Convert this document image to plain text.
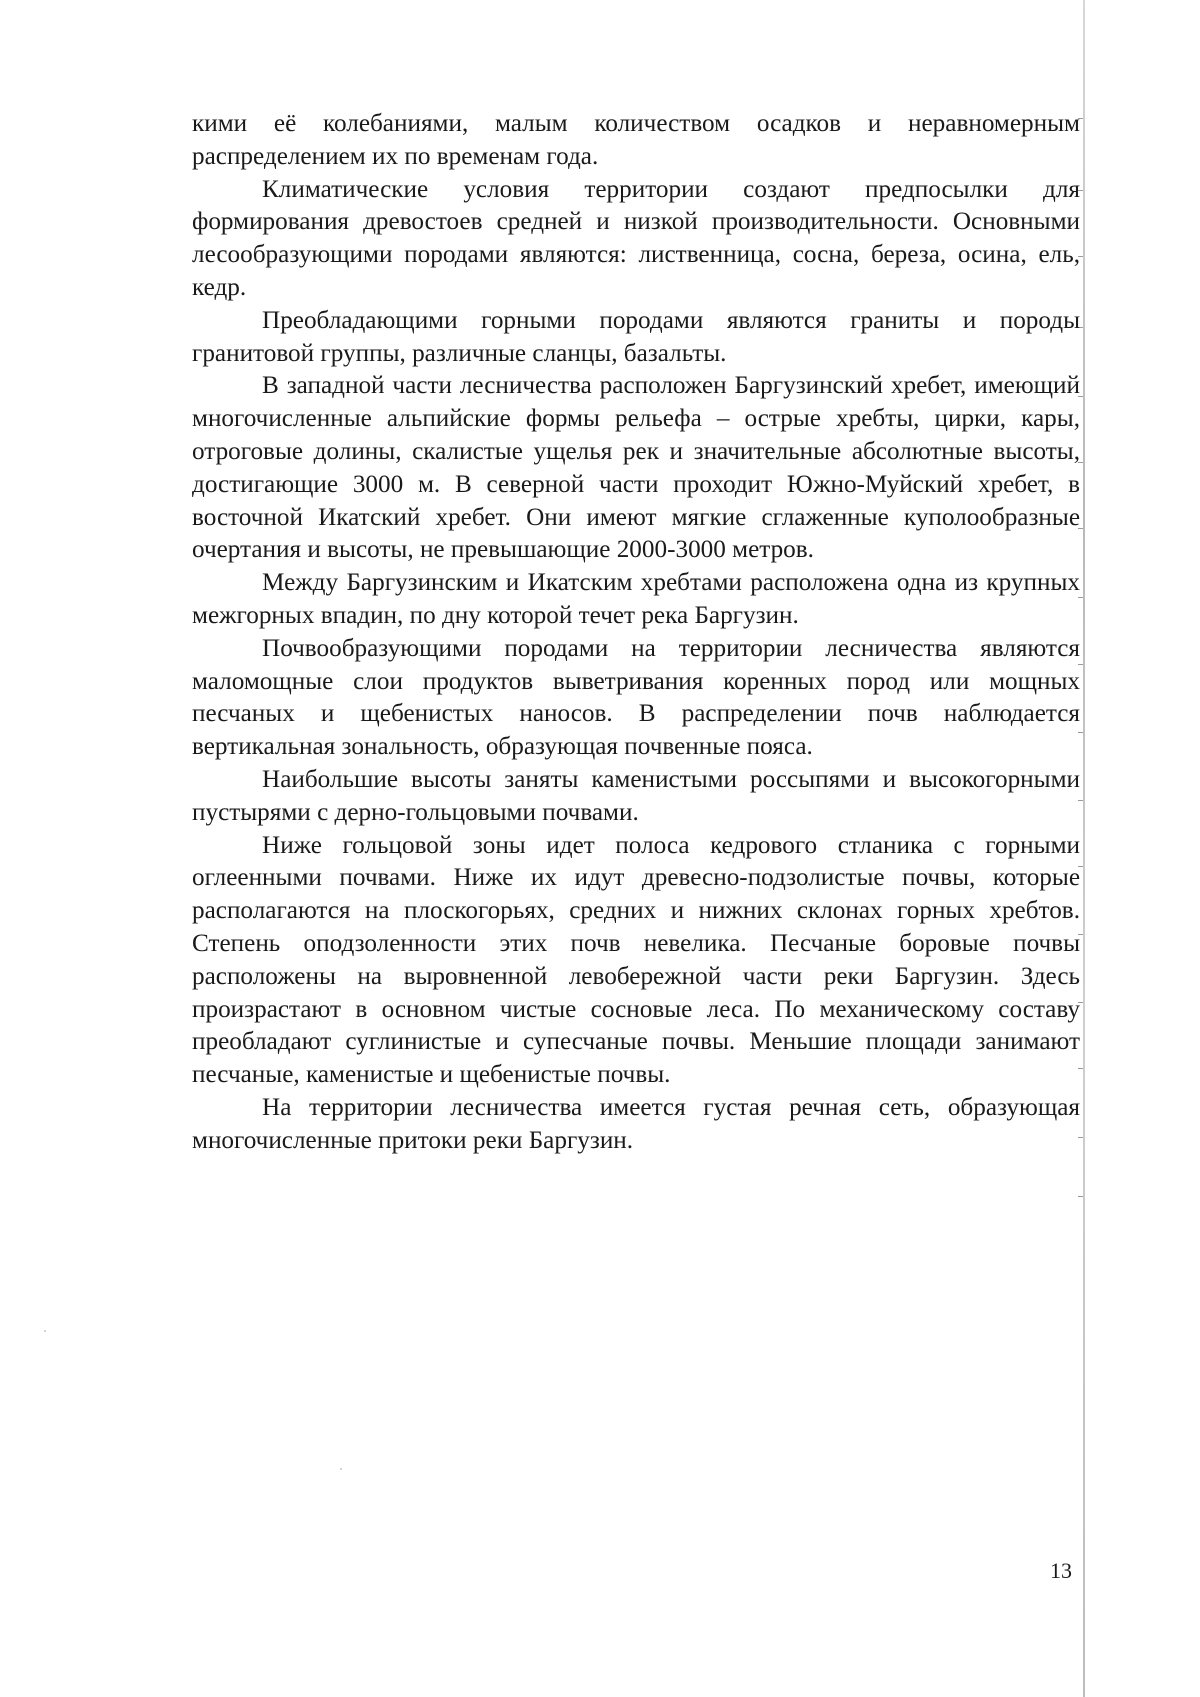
кими её колебаниями, малым количеством осадков и неравномерным распределением их по временам года.

Климатические условия территории создают предпосылки для формирования древостоев средней и низкой производительности. Основными лесообразующими породами являются: лиственница, сосна, береза, осина, ель, кедр.

Преобладающими горными породами являются граниты и породы гранитовой группы, различные сланцы, базальты.

В западной части лесничества расположен Баргузинский хребет, имеющий многочисленные альпийские формы рельефа – острые хребты, цирки, кары, отроговые долины, скалистые ущелья рек и значительные абсолютные высоты, достигающие 3000 м. В северной части проходит Южно-Муйский хребет, в восточной Икатский хребет. Они имеют мягкие сглаженные куполообразные очертания и высоты, не превышающие 2000-3000 метров.

Между Баргузинским и Икатским хребтами расположена одна из крупных межгорных впадин, по дну которой течет река Баргузин.

Почвообразующими породами на территории лесничества являются маломощные слои продуктов выветривания коренных пород или мощных песчаных и щебенистых наносов. В распределении почв наблюдается вертикальная зональность, образующая почвенные пояса.

Наибольшие высоты заняты каменистыми россыпями и высокогорными пустырями с дерно-гольцовыми почвами.

Ниже гольцовой зоны идет полоса кедрового стланика с горными оглеенными почвами. Ниже их идут древесно-подзолистые почвы, которые располагаются на плоскогорьях, средних и нижних склонах горных хребтов. Степень оподзоленности этих почв невелика. Песчаные боровые почвы расположены на выровненной левобережной части реки Баргузин. Здесь произрастают в основном чистые сосновые леса. По механическому составу преобладают суглинистые и супесчаные почвы. Меньшие площади занимают песчаные, каменистые и щебенистые почвы.

На территории лесничества имеется густая речная сеть, образующая многочисленные притоки реки Баргузин.

13
